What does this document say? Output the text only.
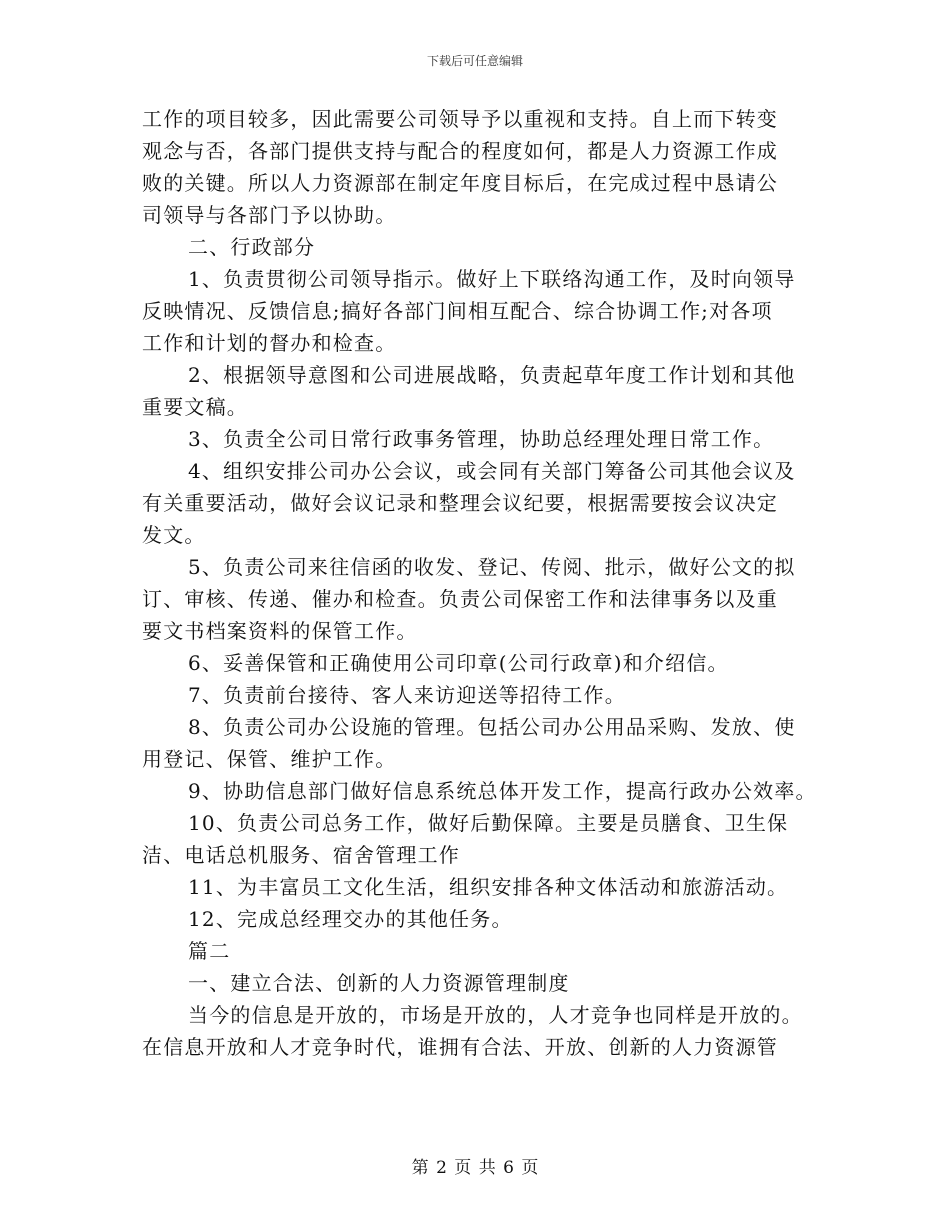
下载后可任意编辑
工作的项目较多，因此需要公司领导予以重视和支持。自上而下转变
观念与否，各部门提供支持与配合的程度如何，都是人力资源工作成
败的关键。所以人力资源部在制定年度目标后，在完成过程中恳请公
司领导与各部门予以协助。
二、行政部分
1、负责贯彻公司领导指示。做好上下联络沟通工作，及时向领导
反映情况、反馈信息;搞好各部门间相互配合、综合协调工作;对各项
工作和计划的督办和检查。
2、根据领导意图和公司进展战略，负责起草年度工作计划和其他
重要文稿。
3、负责全公司日常行政事务管理，协助总经理处理日常工作。
4、组织安排公司办公会议，或会同有关部门筹备公司其他会议及
有关重要活动，做好会议记录和整理会议纪要，根据需要按会议决定
发文。
5、负责公司来往信函的收发、登记、传阅、批示，做好公文的拟
订、审核、传递、催办和检查。负责公司保密工作和法律事务以及重
要文书档案资料的保管工作。
6、妥善保管和正确使用公司印章(公司行政章)和介绍信。
7、负责前台接待、客人来访迎送等招待工作。
8、负责公司办公设施的管理。包括公司办公用品采购、发放、使
用登记、保管、维护工作。
9、协助信息部门做好信息系统总体开发工作，提高行政办公效率。
10、负责公司总务工作，做好后勤保障。主要是员膳食、卫生保
洁、电话总机服务、宿舍管理工作
11、为丰富员工文化生活，组织安排各种文体活动和旅游活动。
12、完成总经理交办的其他任务。
篇二
一、建立合法、创新的人力资源管理制度
当今的信息是开放的，市场是开放的，人才竞争也同样是开放的。
在信息开放和人才竞争时代，谁拥有合法、开放、创新的人力资源管
第 2 页 共 6 页
